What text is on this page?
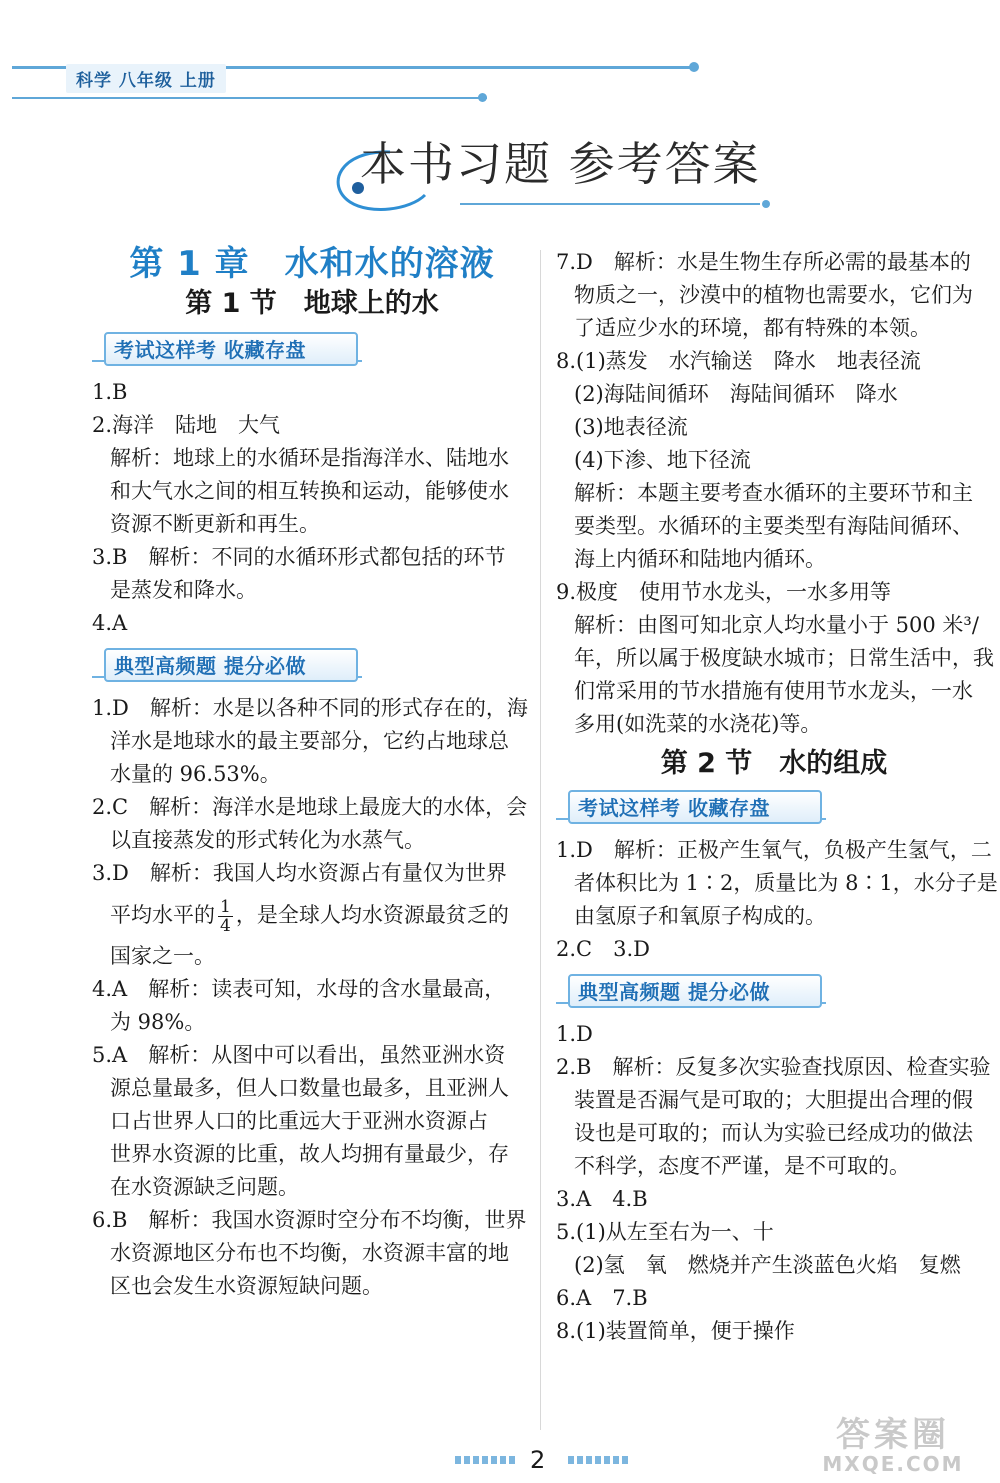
科学 八年级 上册
本书习题 参考答案
第 1 章　水和水的溶液
第 1 节　地球上的水
考试这样考 收藏存盘

1.B

2.海洋　陆地　大气

解析：地球上的水循环是指海洋水、陆地水

和大气水之间的相互转换和运动，能够使水

资源不断更新和再生。

3.B　解析：不同的水循环形式都包括的环节

是蒸发和降水。

4.A

典型高频题 提分必做

1.D　解析：水是以各种不同的形式存在的，海

洋水是地球水的最主要部分，它约占地球总

水量的 96.53%。

2.C　解析：海洋水是地球上最庞大的水体，会

以直接蒸发的形式转化为水蒸气。

3.D　解析：我国人均水资源占有量仅为世界

平均水平的 $\frac{1}{4}$ ，是全球人均水资源最贫乏的

国家之一。

4.A　解析：读表可知，水母的含水量最高，

为 98%。

5.A　解析：从图中可以看出，虽然亚洲水资

源总量最多，但人口数量也最多，且亚洲人

口占世界人口的比重远大于亚洲水资源占

世界水资源的比重，故人均拥有量最少，存

在水资源缺乏问题。

6.B　解析：我国水资源时空分布不均衡，世界

水资源地区分布也不均衡，水资源丰富的地

区也会发生水资源短缺问题。

7.D　解析：水是生物生存所必需的最基本的

物质之一，沙漠中的植物也需要水，它们为

了适应少水的环境，都有特殊的本领。

8.(1)蒸发　水汽输送　降水　地表径流

(2)海陆间循环　海陆间循环　降水

(3)地表径流

(4)下渗、地下径流

解析：本题主要考查水循环的主要环节和主

要类型。水循环的主要类型有海陆间循环、

海上内循环和陆地内循环。

9.极度　使用节水龙头，一水多用等

解析：由图可知北京人均水量小于 500 米³/

年，所以属于极度缺水城市；日常生活中，我

们常采用的节水措施有使用节水龙头，一水

多用(如洗菜的水浇花)等。

第 2 节　水的组成
考试这样考 收藏存盘

1.D　解析：正极产生氧气，负极产生氢气，二

者体积比为 1∶2，质量比为 8∶1，水分子是

由氢原子和氧原子构成的。

2.C　3.D

典型高频题 提分必做

1.D

2.B　解析：反复多次实验查找原因、检查实验

装置是否漏气是可取的；大胆提出合理的假

设也是可取的；而认为实验已经成功的做法

不科学，态度不严谨，是不可取的。

3.A　4.B

5.(1)从左至右为一、十

(2)氢　氧　燃烧并产生淡蓝色火焰　复燃

6.A　7.B

8.(1)装置简单，便于操作

2
答案圈
MXQE.COM
